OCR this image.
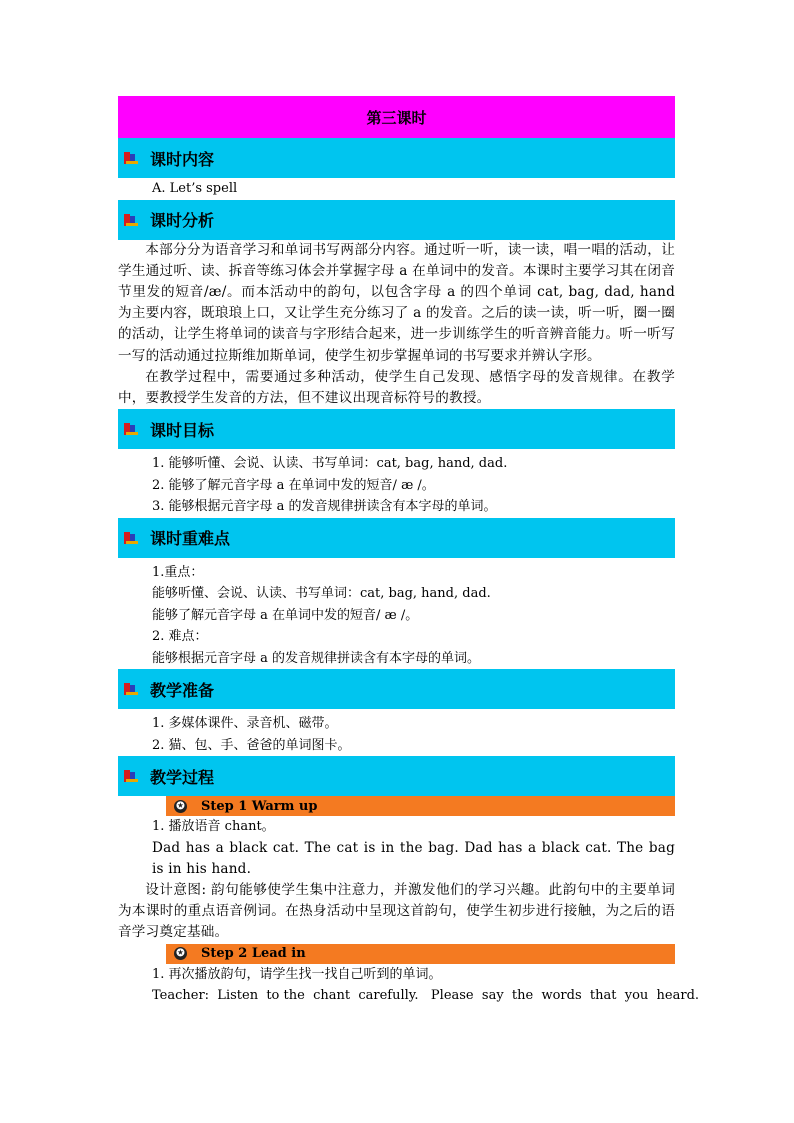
第三课时
课时内容
A. Let’s spell
课时分析

本部分分为语音学习和单词书写两部分内容。通过听一听，读一读，唱一唱的活动，让学生通过听、读、拆音等练习体会并掌握字母 a 在单词中的发音。本课时主要学习其在闭音节里发的短音/æ/。而本活动中的韵句，以包含字母 a 的四个单词 cat, bag, dad, hand 为主要内容，既琅琅上口，又让学生充分练习了 a 的发音。之后的读一读，听一听，圈一圈的活动，让学生将单词的读音与字形结合起来，进一步训练学生的听音辨音能力。听一听写一写的活动通过拉斯维加斯单词，使学生初步掌握单词的书写要求并辨认字形。

在教学过程中，需要通过多种活动，使学生自己发现、感悟字母的发音规律。在教学中，要教授学生发音的方法，但不建议出现音标符号的教授。

课时目标
1. 能够听懂、会说、认读、书写单词：cat, bag, hand, dad.
2. 能够了解元音字母 a 在单词中发的短音/ æ /。
3. 能够根据元音字母 a 的发音规律拼读含有本字母的单词。
课时重难点
1.重点：
能够听懂、会说、认读、书写单词：cat, bag, hand, dad.
能够了解元音字母 a 在单词中发的短音/ æ /。
2. 难点：
能够根据元音字母 a 的发音规律拼读含有本字母的单词。
教学准备
1. 多媒体课件、录音机、磁带。
2. 猫、包、手、爸爸的单词图卡。
教学过程
✪ Step 1 Warm up
1. 播放语音 chant。

Dad has a black cat. The cat is in the bag. Dad has a black cat. The bag is in his hand.

设计意图: 韵句能够使学生集中注意力，并激发他们的学习兴趣。此韵句中的主要单词为本课时的重点语音例词。在热身活动中呈现这首韵句，使学生初步进行接触，为之后的语音学习奠定基础。

✪ Step 2 Lead in
1. 再次播放韵句，请学生找一找自己听到的单词。
Teacher:  Listen  to the  chant  carefully.   Please  say  the  words  that  you  heard.
